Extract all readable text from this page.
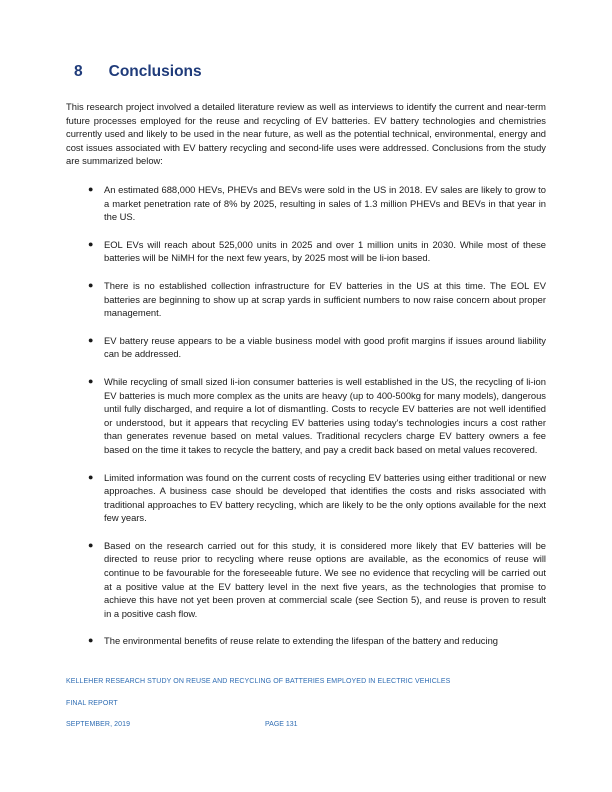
8 Conclusions

This research project involved a detailed literature review as well as interviews to identify the current and near-term future processes employed for the reuse and recycling of EV batteries. EV battery technologies and chemistries currently used and likely to be used in the near future, as well as the potential technical, environmental, energy and cost issues associated with EV battery recycling and second-life uses were addressed. Conclusions from the study are summarized below:

● An estimated 688,000 HEVs, PHEVs and BEVs were sold in the US in 2018. EV sales are likely to grow to a market penetration rate of 8% by 2025, resulting in sales of 1.3 million PHEVs and BEVs in that year in the US.
● EOL EVs will reach about 525,000 units in 2025 and over 1 million units in 2030. While most of these batteries will be NiMH for the next few years, by 2025 most will be li-ion based.
● There is no established collection infrastructure for EV batteries in the US at this time. The EOL EV batteries are beginning to show up at scrap yards in sufficient numbers to now raise concern about proper management.
● EV battery reuse appears to be a viable business model with good profit margins if issues around liability can be addressed.
● While recycling of small sized li-ion consumer batteries is well established in the US, the recycling of li-ion EV batteries is much more complex as the units are heavy (up to 400-500kg for many models), dangerous until fully discharged, and require a lot of dismantling. Costs to recycle EV batteries are not well identified or understood, but it appears that recycling EV batteries using today's technologies incurs a cost rather than generates revenue based on metal values. Traditional recyclers charge EV battery owners a fee based on the time it takes to recycle the battery, and pay a credit back based on metal values recovered.
● Limited information was found on the current costs of recycling EV batteries using either traditional or new approaches. A business case should be developed that identifies the costs and risks associated with traditional approaches to EV battery recycling, which are likely to be the only options available for the next few years.
● Based on the research carried out for this study, it is considered more likely that EV batteries will be directed to reuse prior to recycling where reuse options are available, as the economics of reuse will continue to be favourable for the foreseeable future. We see no evidence that recycling will be carried out at a positive value at the EV battery level in the next five years, as the technologies that promise to achieve this have not yet been proven at commercial scale (see Section 5), and reuse is proven to result in a positive cash flow.
● The environmental benefits of reuse relate to extending the lifespan of the battery and reducing
KELLEHER RESEARCH STUDY ON REUSE AND RECYCLING OF BATTERIES EMPLOYED IN ELECTRIC VEHICLES
FINAL REPORT
SEPTEMBER, 2019	PAGE 131
